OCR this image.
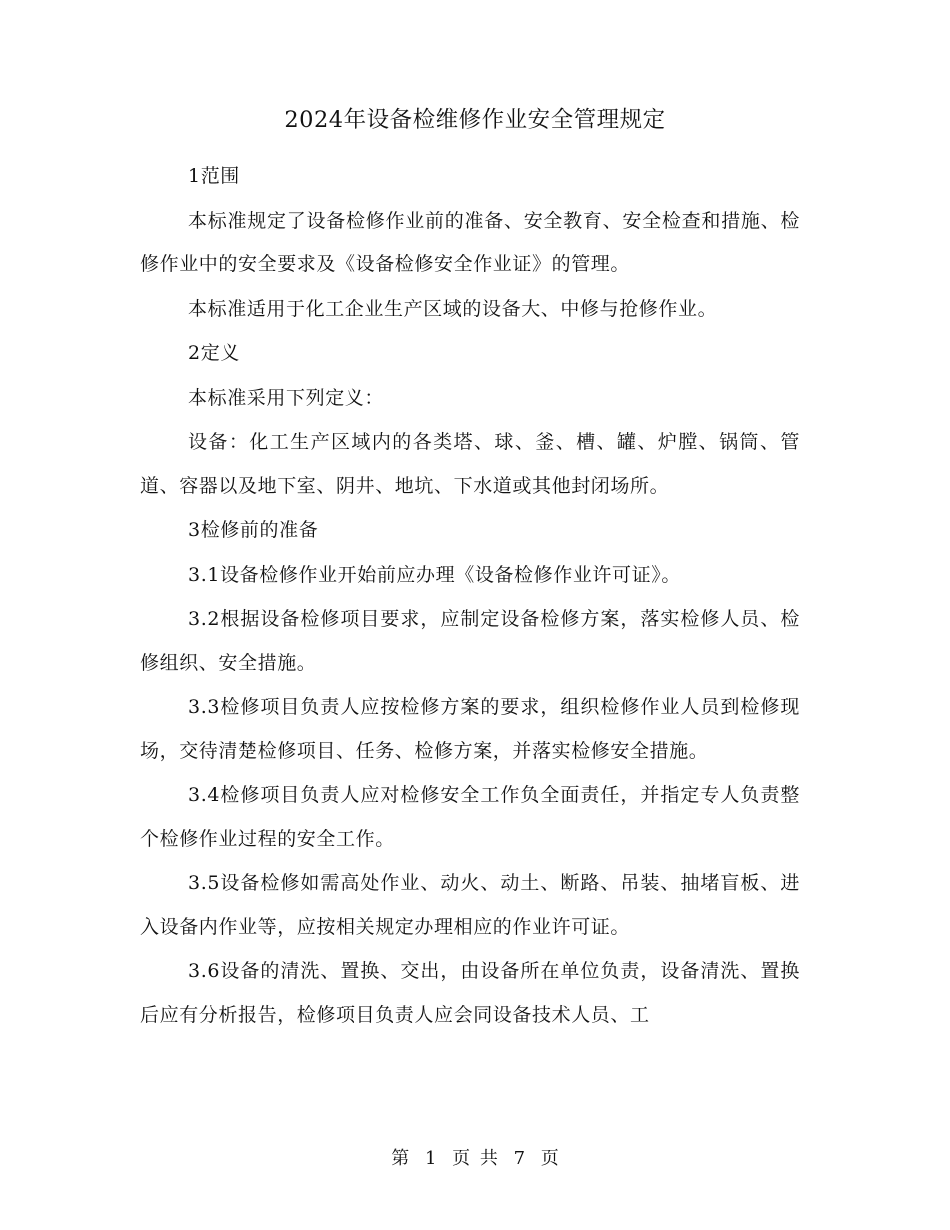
2024年设备检维修作业安全管理规定

1范围

本标准规定了设备检修作业前的准备、安全教育、安全检查和措施、检修作业中的安全要求及《设备检修安全作业证》的管理。

本标准适用于化工企业生产区域的设备大、中修与抢修作业。

2定义

本标准采用下列定义：

设备：化工生产区域内的各类塔、球、釜、槽、罐、炉膛、锅筒、管道、容器以及地下室、阴井、地坑、下水道或其他封闭场所。

3检修前的准备

3.1设备检修作业开始前应办理《设备检修作业许可证》。

3.2根据设备检修项目要求，应制定设备检修方案，落实检修人员、检修组织、安全措施。

3.3检修项目负责人应按检修方案的要求，组织检修作业人员到检修现场，交待清楚检修项目、任务、检修方案，并落实检修安全措施。

3.4检修项目负责人应对检修安全工作负全面责任，并指定专人负责整个检修作业过程的安全工作。

3.5设备检修如需高处作业、动火、动土、断路、吊装、抽堵盲板、进入设备内作业等，应按相关规定办理相应的作业许可证。

3.6设备的清洗、置换、交出，由设备所在单位负责，设备清洗、置换后应有分析报告，检修项目负责人应会同设备技术人员、工

第 1 页 共 7 页
